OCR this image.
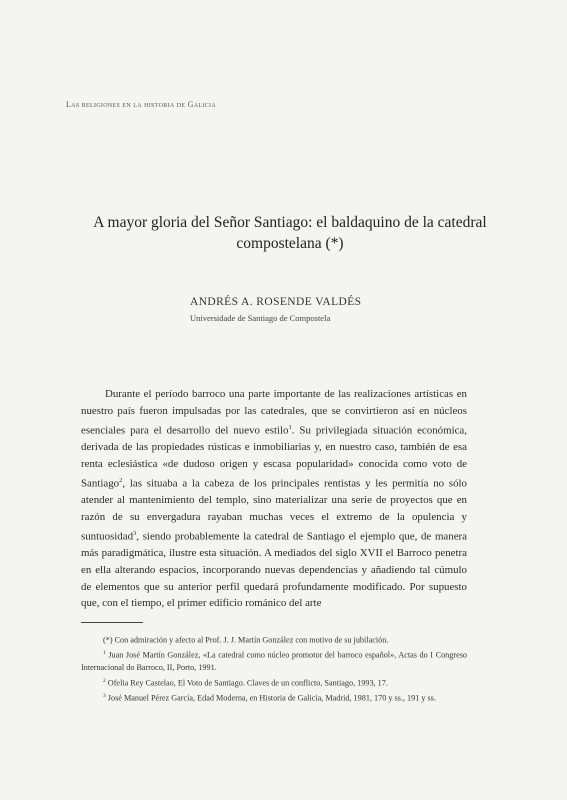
Las religiones en la historia de Galicia
A mayor gloria del Señor Santiago: el baldaquino de la catedral compostelana (*)
ANDRÉS A. ROSENDE VALDÉS
Universidade de Santiago de Compostela
Durante el período barroco una parte importante de las realizaciones artísticas en nuestro país fueron impulsadas por las catedrales, que se convirtieron así en núcleos esenciales para el desarrollo del nuevo estilo$^1$. Su privilegiada situación económica, derivada de las propiedades rústicas e inmobiliarias y, en nuestro caso, también de esa renta eclesiástica «de dudoso origen y escasa popularidad» conocida como voto de Santiago$^2$, las situaba a la cabeza de los principales rentistas y les permitía no sólo atender al mantenimiento del templo, sino materializar una serie de proyectos que en razón de su envergadura rayaban muchas veces el extremo de la opulencia y suntuosidad$^3$, siendo probablemente la catedral de Santiago el ejemplo que, de manera más paradigmática, ilustre esta situación. A mediados del siglo XVII el Barroco penetra en ella alterando espacios, incorporando nuevas dependencias y añadiendo tal cúmulo de elementos que su anterior perfil quedará profundamente modificado. Por supuesto que, con el tiempo, el primer edificio románico del arte
(*) Con admiración y afecto al Prof. J. J. Martín González con motivo de su jubilación.
$^1$ Juan José Martín González, «La catedral como núcleo promotor del barroco español», Actas do I Congreso Internacional do Barroco, II, Porto, 1991.
$^2$ Ofelia Rey Castelao, El Voto de Santiago. Claves de un conflicto, Santiago, 1993, 17.
$^3$ José Manuel Pérez García, Edad Moderna, en Historia de Galicia, Madrid, 1981, 170 y ss., 191 y ss.
